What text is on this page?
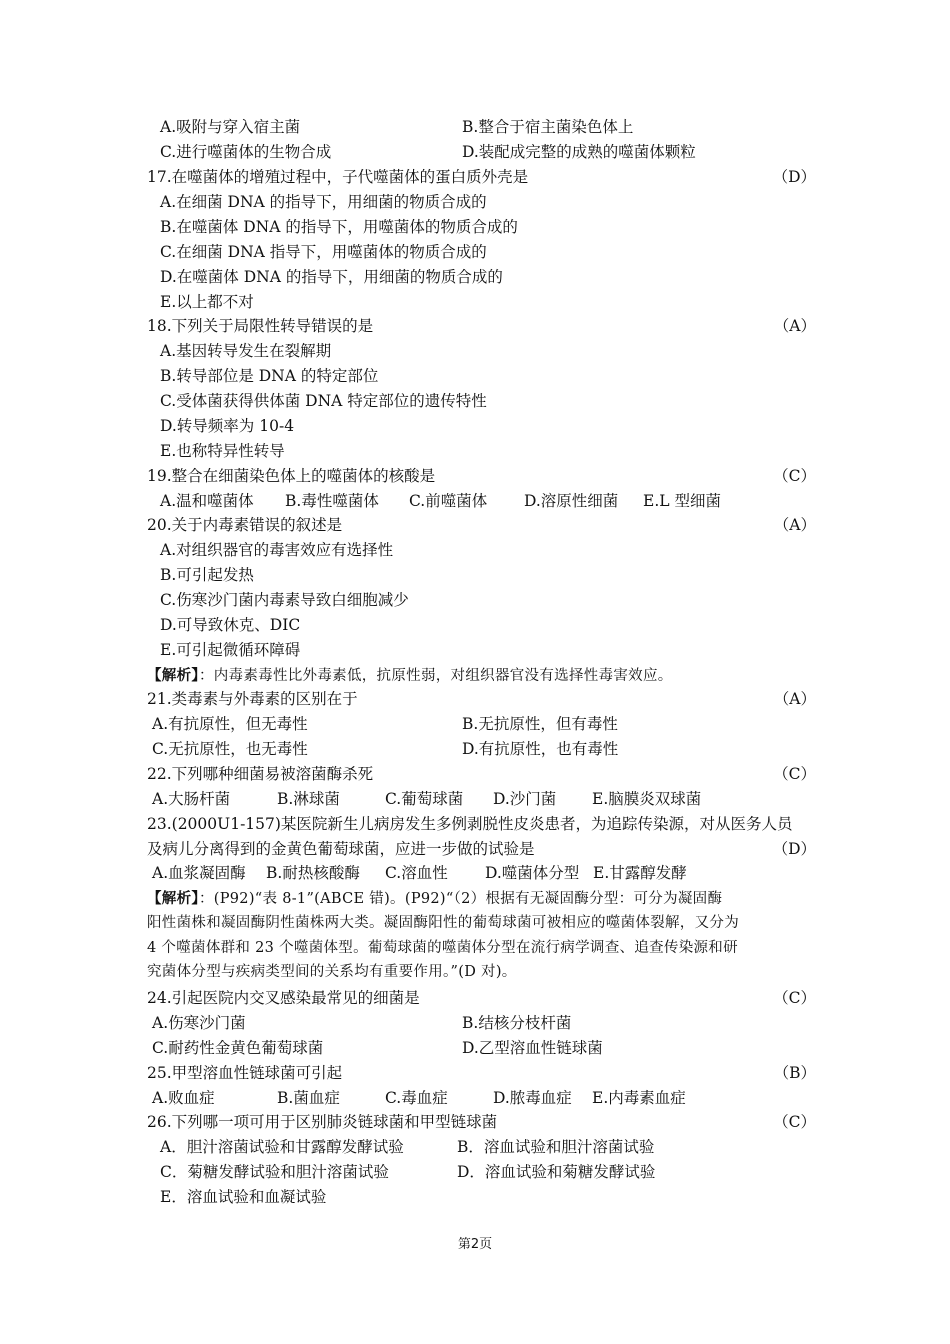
A.吸附与穿入宿主菌	B.整合于宿主菌染色体上
C.进行噬菌体的生物合成	D.装配成完整的成熟的噬菌体颗粒
17.在噬菌体的增殖过程中，子代噬菌体的蛋白质外壳是	（D）
A.在细菌 DNA 的指导下，用细菌的物质合成的
B.在噬菌体 DNA 的指导下，用噬菌体的物质合成的
C.在细菌 DNA 指导下，用噬菌体的物质合成的
D.在噬菌体 DNA 的指导下，用细菌的物质合成的
E.以上都不对
18.下列关于局限性转导错误的是	（A）
A.基因转导发生在裂解期
B.转导部位是 DNA 的特定部位
C.受体菌获得供体菌 DNA 特定部位的遗传特性
D.转导频率为 10-4
E.也称特异性转导
19.整合在细菌染色体上的噬菌体的核酸是	（C）
A.温和噬菌体 B.毒性噬菌体 C.前噬菌体 D.溶原性细菌 E.L 型细菌
20.关于内毒素错误的叙述是	（A）
A.对组织器官的毒害效应有选择性
B.可引起发热
C.伤寒沙门菌内毒素导致白细胞减少
D.可导致休克、DIC
E.可引起微循环障碍
【解析】：内毒素毒性比外毒素低，抗原性弱，对组织器官没有选择性毒害效应。
21.类毒素与外毒素的区别在于	（A）
A.有抗原性，但无毒性	B.无抗原性，但有毒性
C.无抗原性，也无毒性	D.有抗原性，也有毒性
22.下列哪种细菌易被溶菌酶杀死	（C）
A.大肠杆菌	B.淋球菌	C.葡萄球菌 D.沙门菌 E.脑膜炎双球菌
23.(2000U1-157)某医院新生儿病房发生多例剥脱性皮炎患者，为追踪传染源，对从医务人员
及病儿分离得到的金黄色葡萄球菌，应进一步做的试验是	（D）
A.血浆凝固酶 B.耐热核酸酶 C.溶血性 D.噬菌体分型 E.甘露醇发酵
【解析】：(P92)“表 8-1”(ABCE 错)。(P92)“（2）根据有无凝固酶分型：可分为凝固酶
阳性菌株和凝固酶阴性菌株两大类。凝固酶阳性的葡萄球菌可被相应的噬菌体裂解，又分为
4 个噬菌体群和 23 个噬菌体型。葡萄球菌的噬菌体分型在流行病学调查、追查传染源和研
究菌体分型与疾病类型间的关系均有重要作用。”(D 对)。
24.引起医院内交叉感染最常见的细菌是	（C）
A.伤寒沙门菌	B.结核分枝杆菌
C.耐药性金黄色葡萄球菌	D.乙型溶血性链球菌
25.甲型溶血性链球菌可引起	（B）
A.败血症	B.菌血症	C.毒血症	D.脓毒血症 E.内毒素血症
26.下列哪一项可用于区别肺炎链球菌和甲型链球菌	（C）
A．胆汁溶菌试验和甘露醇发酵试验	B．溶血试验和胆汁溶菌试验
C．菊糖发酵试验和胆汁溶菌试验	D．溶血试验和菊糖发酵试验
E．溶血试验和血凝试验
第2页
